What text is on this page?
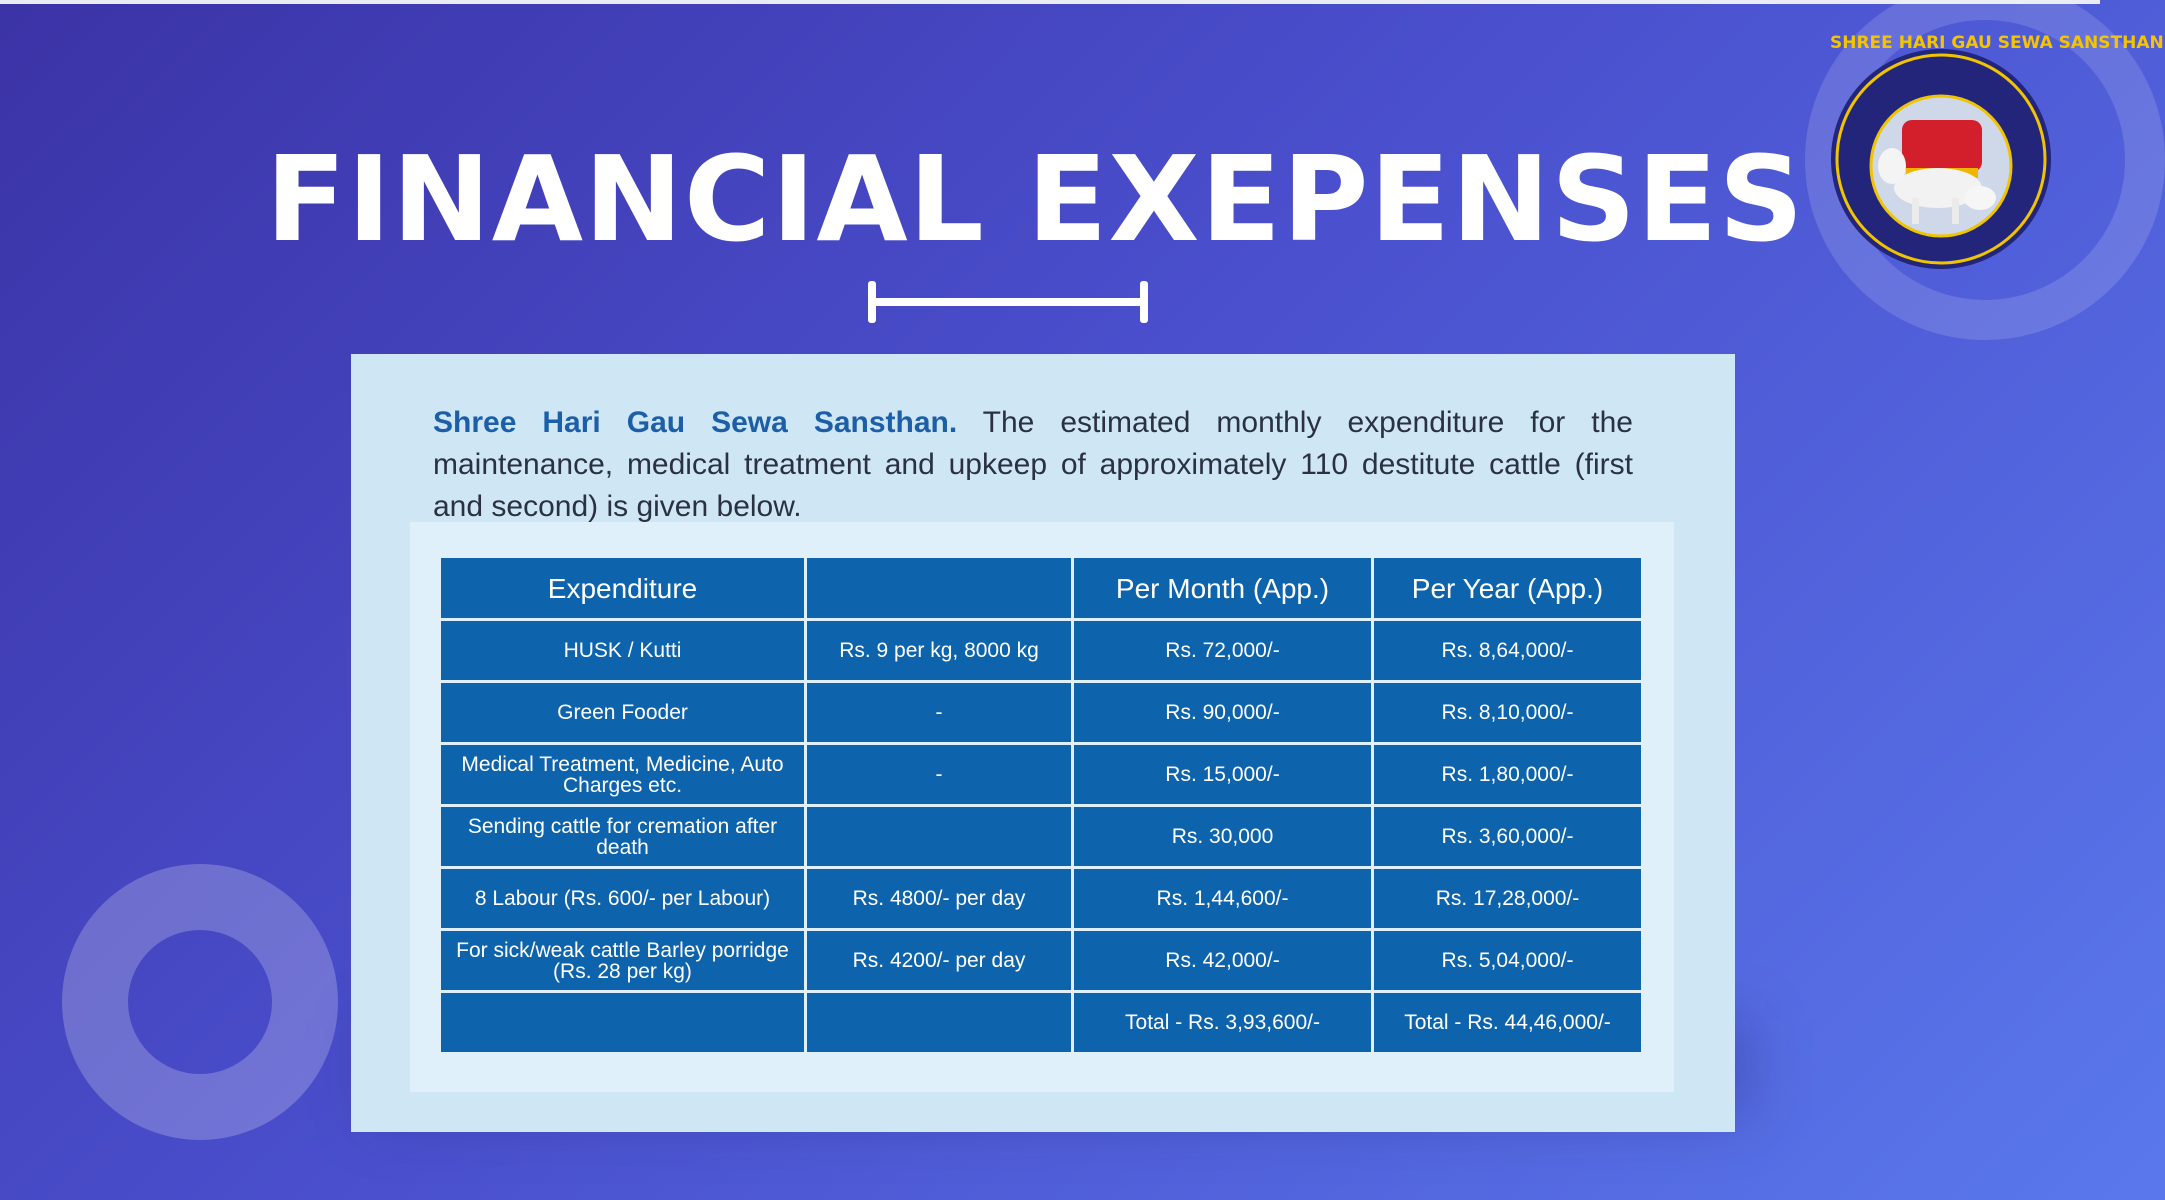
SHREE HARI GAU SEWA SANSTHAN
FINANCIAL EXEPENSES

Shree Hari Gau Sewa Sansthan. The estimated monthly expenditure for the maintenance, medical treatment and upkeep of approximately 110 destitute cattle (first and second) is given below.

Expenditure		Per Month (App.)	Per Year (App.)
HUSK / Kutti	Rs. 9 per kg, 8000 kg	Rs. 72,000/-	Rs. 8,64,000/-
Green Fooder	-	Rs. 90,000/-	Rs. 8,10,000/-
Medical Treatment, Medicine, Auto Charges etc.	-	Rs. 15,000/-	Rs. 1,80,000/-
Sending cattle for cremation after death		Rs. 30,000	Rs. 3,60,000/-
8 Labour (Rs. 600/- per Labour)	Rs. 4800/- per day	Rs. 1,44,600/-	Rs. 17,28,000/-
For sick/weak cattle Barley porridge (Rs. 28 per kg)	Rs. 4200/- per day	Rs. 42,000/-	Rs. 5,04,000/-
		Total - Rs. 3,93,600/-	Total - Rs. 44,46,000/-
